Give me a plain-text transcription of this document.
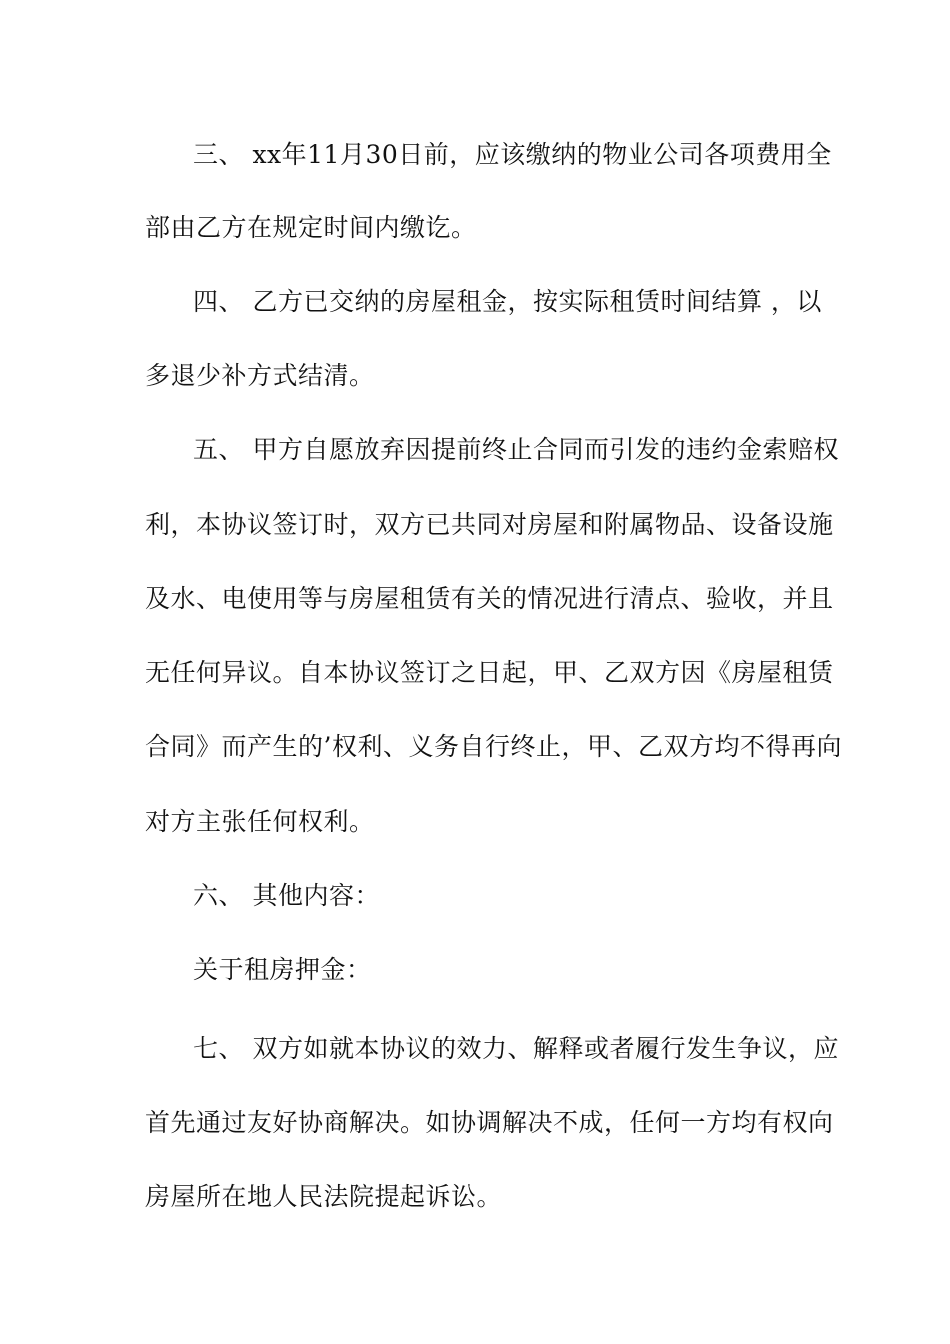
三、 xx年11月30日前，应该缴纳的物业公司各项费用全
部由乙方在规定时间内缴讫。
四、 乙方已交纳的房屋租金，按实际租赁时间结算 ，以
多退少补方式结清。
五、 甲方自愿放弃因提前终止合同而引发的违约金索赔权
利，本协议签订时，双方已共同对房屋和附属物品、设备设施
及水、电使用等与房屋租赁有关的情况进行清点、验收，并且
无任何异议。自本协议签订之日起，甲、乙双方因《房屋租赁
合同》而产生的’权利、义务自行终止，甲、乙双方均不得再向
对方主张任何权利。
六、 其他内容：
关于租房押金：
七、 双方如就本协议的效力、解释或者履行发生争议，应
首先通过友好协商解决。如协调解决不成，任何一方均有权向
房屋所在地人民法院提起诉讼。
